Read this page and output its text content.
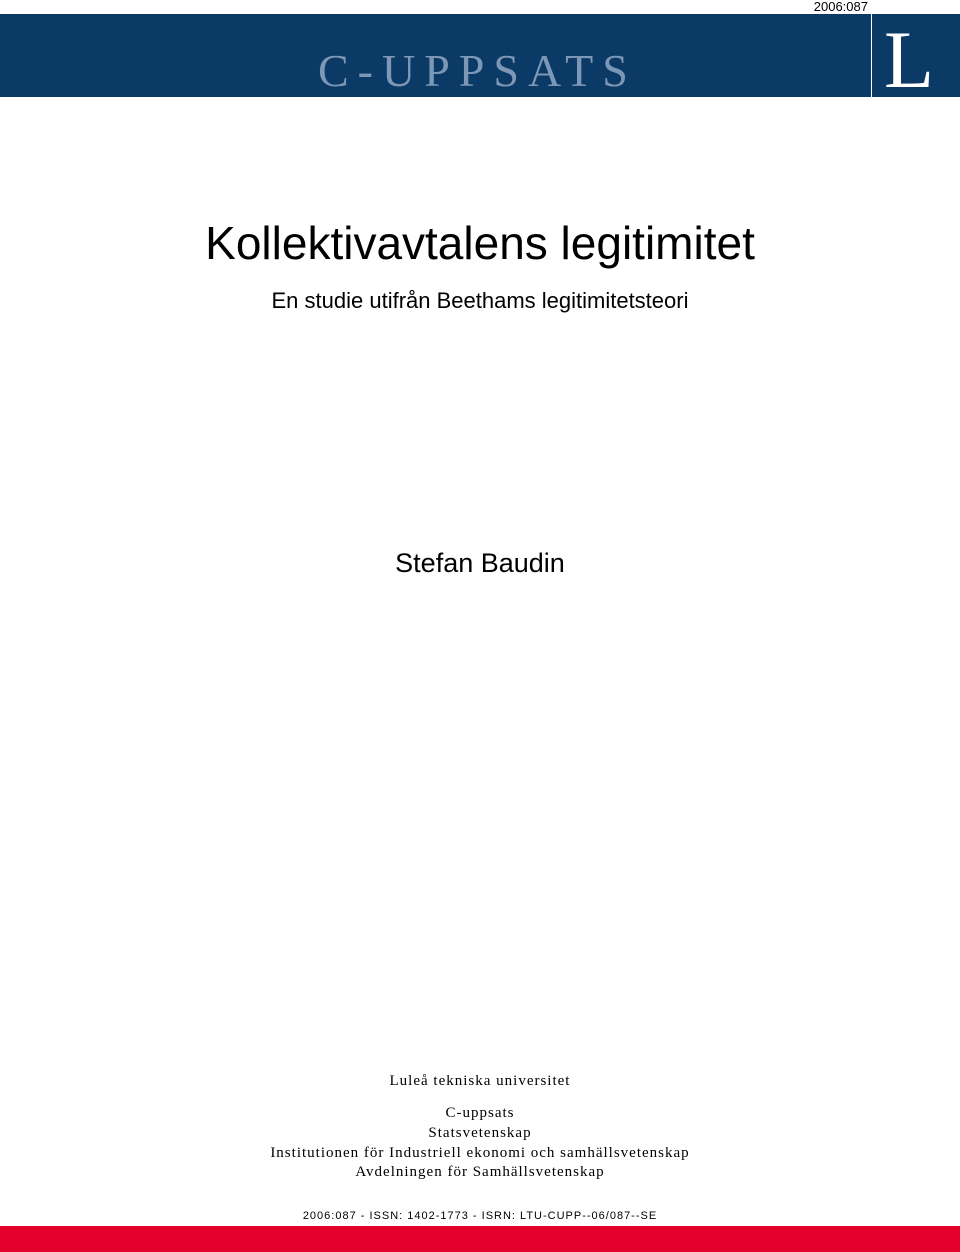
2006:087
C-UPPSATS	L
Kollektivavtalens legitimitet
En studie utifrån Beethams legitimitetsteori
Stefan Baudin
Luleå tekniska universitet
C-uppsats
Statsvetenskap
Institutionen för Industriell ekonomi och samhällsvetenskap
Avdelningen för Samhällsvetenskap
2006:087 - ISSN: 1402-1773 - ISRN: LTU-CUPP--06/087--SE
